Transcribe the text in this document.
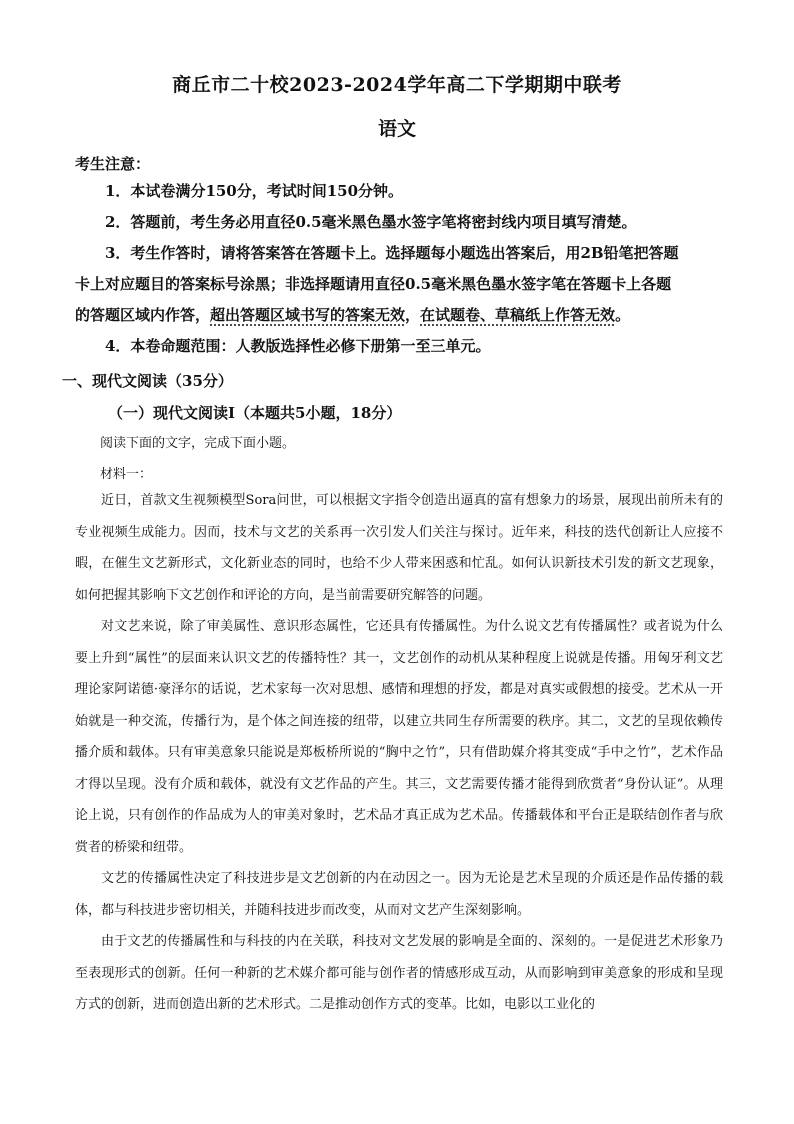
商丘市二十校2023-2024学年高二下学期期中联考
语文
考生注意：
1．本试卷满分150分，考试时间150分钟。
2．答题前，考生务必用直径0.5毫米黑色墨水签字笔将密封线内项目填写清楚。
3．考生作答时，请将答案答在答题卡上。选择题每小题选出答案后，用2B铅笔把答题
卡上对应题目的答案标号涂黑；非选择题请用直径0.5毫米黑色墨水签字笔在答题卡上各题
的答题区域内作答，超出答题区域书写的答案无效，在试题卷、草稿纸上作答无效。
4．本卷命题范围：人教版选择性必修下册第一至三单元。
一、现代文阅读（35分）
（一）现代文阅读Ⅰ（本题共5小题，18分）
阅读下面的文字，完成下面小题。
材料一：

近日，首款文生视频模型Sora问世，可以根据文字指令创造出逼真的富有想象力的场景，展现出前所未有的专业视频生成能力。因而，技术与文艺的关系再一次引发人们关注与探讨。近年来，科技的迭代创新让人应接不暇，在催生文艺新形式，文化新业态的同时，也给不少人带来困惑和忙乱。如何认识新技术引发的新文艺现象，如何把握其影响下文艺创作和评论的方向，是当前需要研究解答的问题。

对文艺来说，除了审美属性、意识形态属性，它还具有传播属性。为什么说文艺有传播属性？或者说为什么要上升到“属性”的层面来认识文艺的传播特性？其一，文艺创作的动机从某种程度上说就是传播。用匈牙利文艺理论家阿诺德·豪泽尔的话说，艺术家每一次对思想、感情和理想的抒发，都是对真实或假想的接受。艺术从一开始就是一种交流，传播行为，是个体之间连接的纽带，以建立共同生存所需要的秩序。其二，文艺的呈现依赖传播介质和载体。只有审美意象只能说是郑板桥所说的“胸中之竹”，只有借助媒介将其变成“手中之竹”，艺术作品才得以呈现。没有介质和载体，就没有文艺作品的产生。其三，文艺需要传播才能得到欣赏者“身份认证”。从理论上说，只有创作的作品成为人的审美对象时，艺术品才真正成为艺术品。传播载体和平台正是联结创作者与欣赏者的桥梁和纽带。

文艺的传播属性决定了科技进步是文艺创新的内在动因之一。因为无论是艺术呈现的介质还是作品传播的载体，都与科技进步密切相关，并随科技进步而改变，从而对文艺产生深刻影响。

由于文艺的传播属性和与科技的内在关联，科技对文艺发展的影响是全面的、深刻的。一是促进艺术形象乃至表现形式的创新。任何一种新的艺术媒介都可能与创作者的情感形成互动，从而影响到审美意象的形成和呈现方式的创新，进而创造出新的艺术形式。二是推动创作方式的变革。比如，电影以工业化的
